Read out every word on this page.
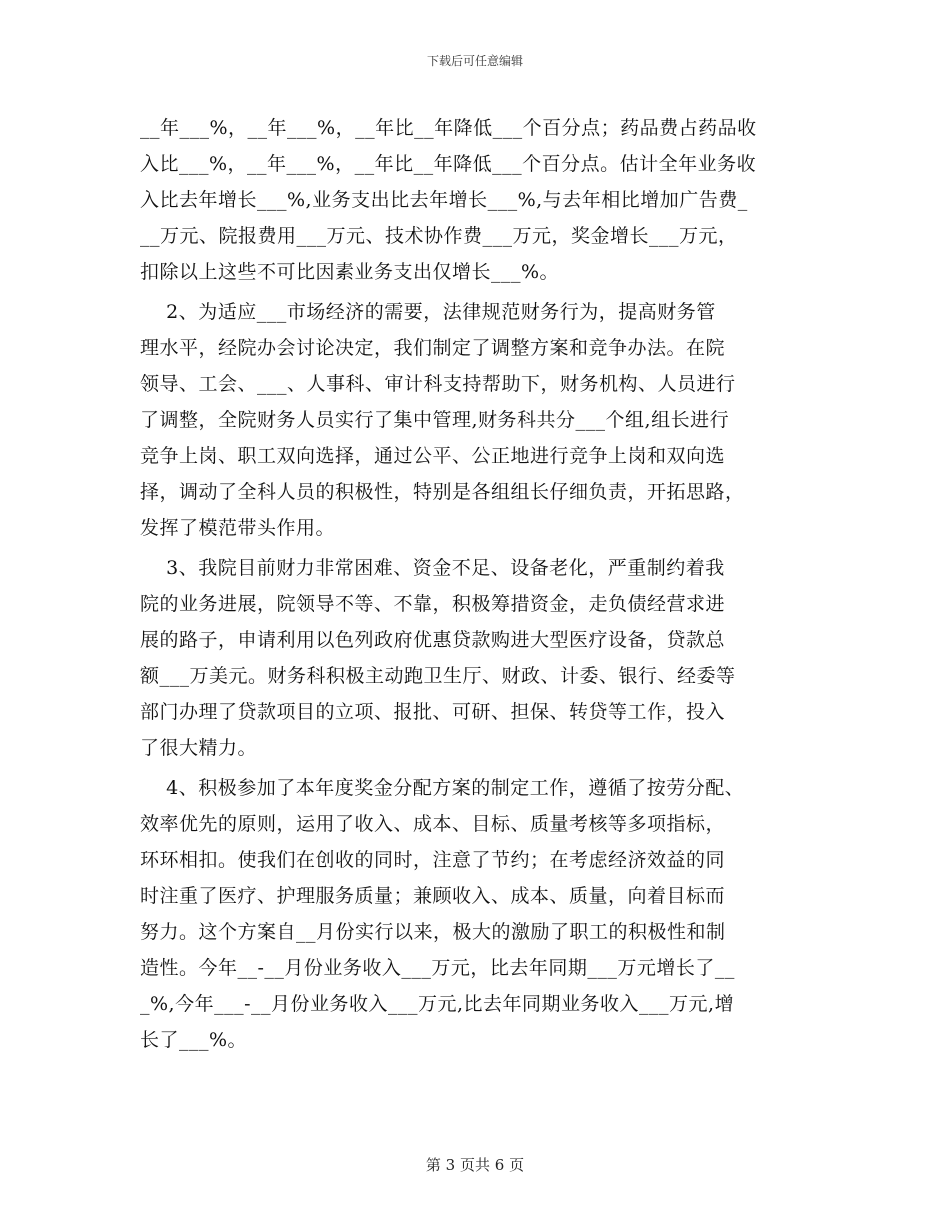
下载后可任意编辑
__年___%，__年___%，__年比__年降低___个百分点；药品费占药品收
入比___%，__年___%，__年比__年降低___个百分点。估计全年业务收
入比去年增长___%,业务支出比去年增长___%,与去年相比增加广告费_
__万元、院报费用___万元、技术协作费___万元，奖金增长___万元，
扣除以上这些不可比因素业务支出仅增长___%。
2、为适应___市场经济的需要，法律规范财务行为，提高财务管
理水平，经院办会讨论决定，我们制定了调整方案和竞争办法。在院
领导、工会、___、人事科、审计科支持帮助下，财务机构、人员进行
了调整，全院财务人员实行了集中管理,财务科共分___个组,组长进行
竞争上岗、职工双向选择，通过公平、公正地进行竞争上岗和双向选
择，调动了全科人员的积极性，特别是各组组长仔细负责，开拓思路，
发挥了模范带头作用。
3、我院目前财力非常困难、资金不足、设备老化，严重制约着我
院的业务进展，院领导不等、不靠，积极筹措资金，走负债经营求进
展的路子，申请利用以色列政府优惠贷款购进大型医疗设备，贷款总
额___万美元。财务科积极主动跑卫生厅、财政、计委、银行、经委等
部门办理了贷款项目的立项、报批、可研、担保、转贷等工作，投入
了很大精力。
4、积极参加了本年度奖金分配方案的制定工作，遵循了按劳分配、
效率优先的原则，运用了收入、成本、目标、质量考核等多项指标，
环环相扣。使我们在创收的同时，注意了节约；在考虑经济效益的同
时注重了医疗、护理服务质量；兼顾收入、成本、质量，向着目标而
努力。这个方案自__月份实行以来，极大的激励了职工的积极性和制
造性。今年__-__月份业务收入___万元，比去年同期___万元增长了__
_%,今年___-__月份业务收入___万元,比去年同期业务收入___万元,增
长了___%。
第 3 页共 6 页
